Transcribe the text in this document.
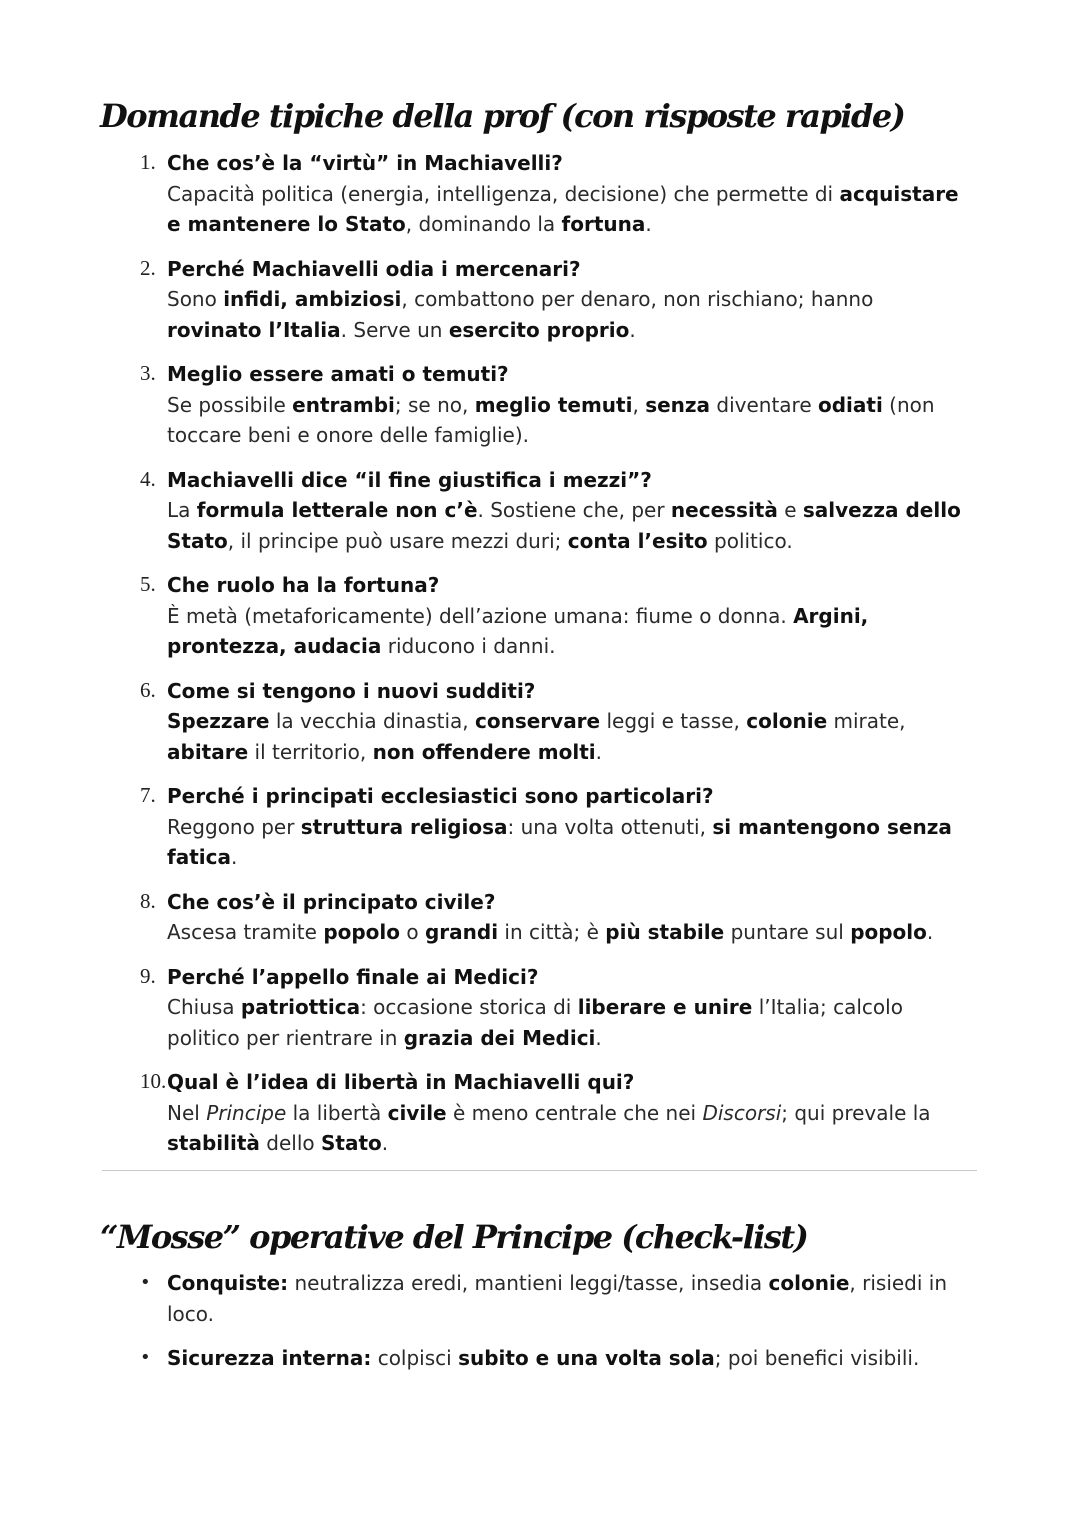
Domande tipiche della prof (con risposte rapide)
1. Che cos’è la “virtù” in Machiavelli?
Capacità politica (energia, intelligenza, decisione) che permette di acquistare e mantenere lo Stato, dominando la fortuna.
2. Perché Machiavelli odia i mercenari?
Sono infidi, ambiziosi, combattono per denaro, non rischiano; hanno rovinato l’Italia. Serve un esercito proprio.
3. Meglio essere amati o temuti?
Se possibile entrambi; se no, meglio temuti, senza diventare odiati (non toccare beni e onore delle famiglie).
4. Machiavelli dice “il fine giustifica i mezzi”?
La formula letterale non c’è. Sostiene che, per necessità e salvezza dello Stato, il principe può usare mezzi duri; conta l’esito politico.
5. Che ruolo ha la fortuna?
È metà (metaforicamente) dell’azione umana: fiume o donna. Argini, prontezza, audacia riducono i danni.
6. Come si tengono i nuovi sudditi?
Spezzare la vecchia dinastia, conservare leggi e tasse, colonie mirate, abitare il territorio, non offendere molti.
7. Perché i principati ecclesiastici sono particolari?
Reggono per struttura religiosa: una volta ottenuti, si mantengono senza fatica.
8. Che cos’è il principato civile?
Ascesa tramite popolo o grandi in città; è più stabile puntare sul popolo.
9. Perché l’appello finale ai Medici?
Chiusa patriottica: occasione storica di liberare e unire l’Italia; calcolo politico per rientrare in grazia dei Medici.
10. Qual è l’idea di libertà in Machiavelli qui?
Nel Principe la libertà civile è meno centrale che nei Discorsi; qui prevale la stabilità dello Stato.
“Mosse” operative del Principe (check-list)
• Conquiste: neutralizza eredi, mantieni leggi/tasse, insedia colonie, risiedi in loco.
• Sicurezza interna: colpisci subito e una volta sola; poi benefici visibili.
